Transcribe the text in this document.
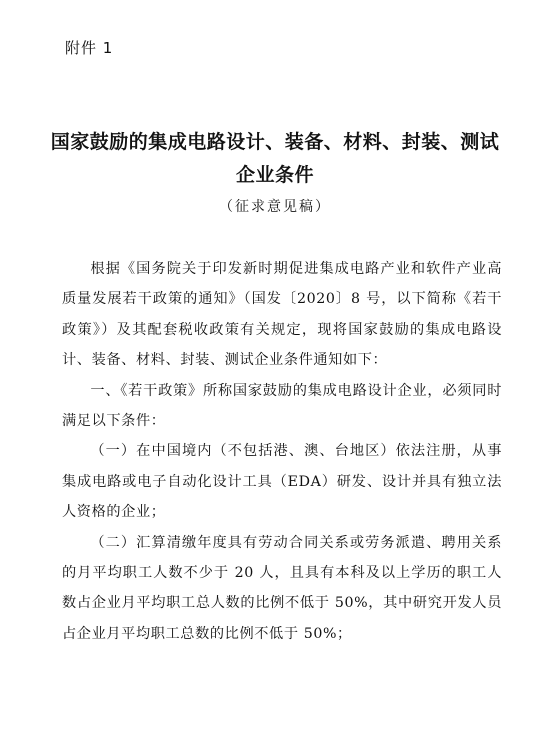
附件 1
国家鼓励的集成电路设计、装备、材料、封装、测试
企业条件
（征求意见稿）

根据《国务院关于印发新时期促进集成电路产业和软件产业高质量发展若干政策的通知》（国发〔2020〕8 号，以下简称《若干政策》）及其配套税收政策有关规定，现将国家鼓励的集成电路设计、装备、材料、封装、测试企业条件通知如下：

一、《若干政策》所称国家鼓励的集成电路设计企业，必须同时满足以下条件：

（一）在中国境内（不包括港、澳、台地区）依法注册，从事集成电路或电子自动化设计工具（EDA）研发、设计并具有独立法人资格的企业；

（二）汇算清缴年度具有劳动合同关系或劳务派遣、聘用关系的月平均职工人数不少于 20 人，且具有本科及以上学历的职工人数占企业月平均职工总人数的比例不低于 50%，其中研究开发人员占企业月平均职工总数的比例不低于 50%；
